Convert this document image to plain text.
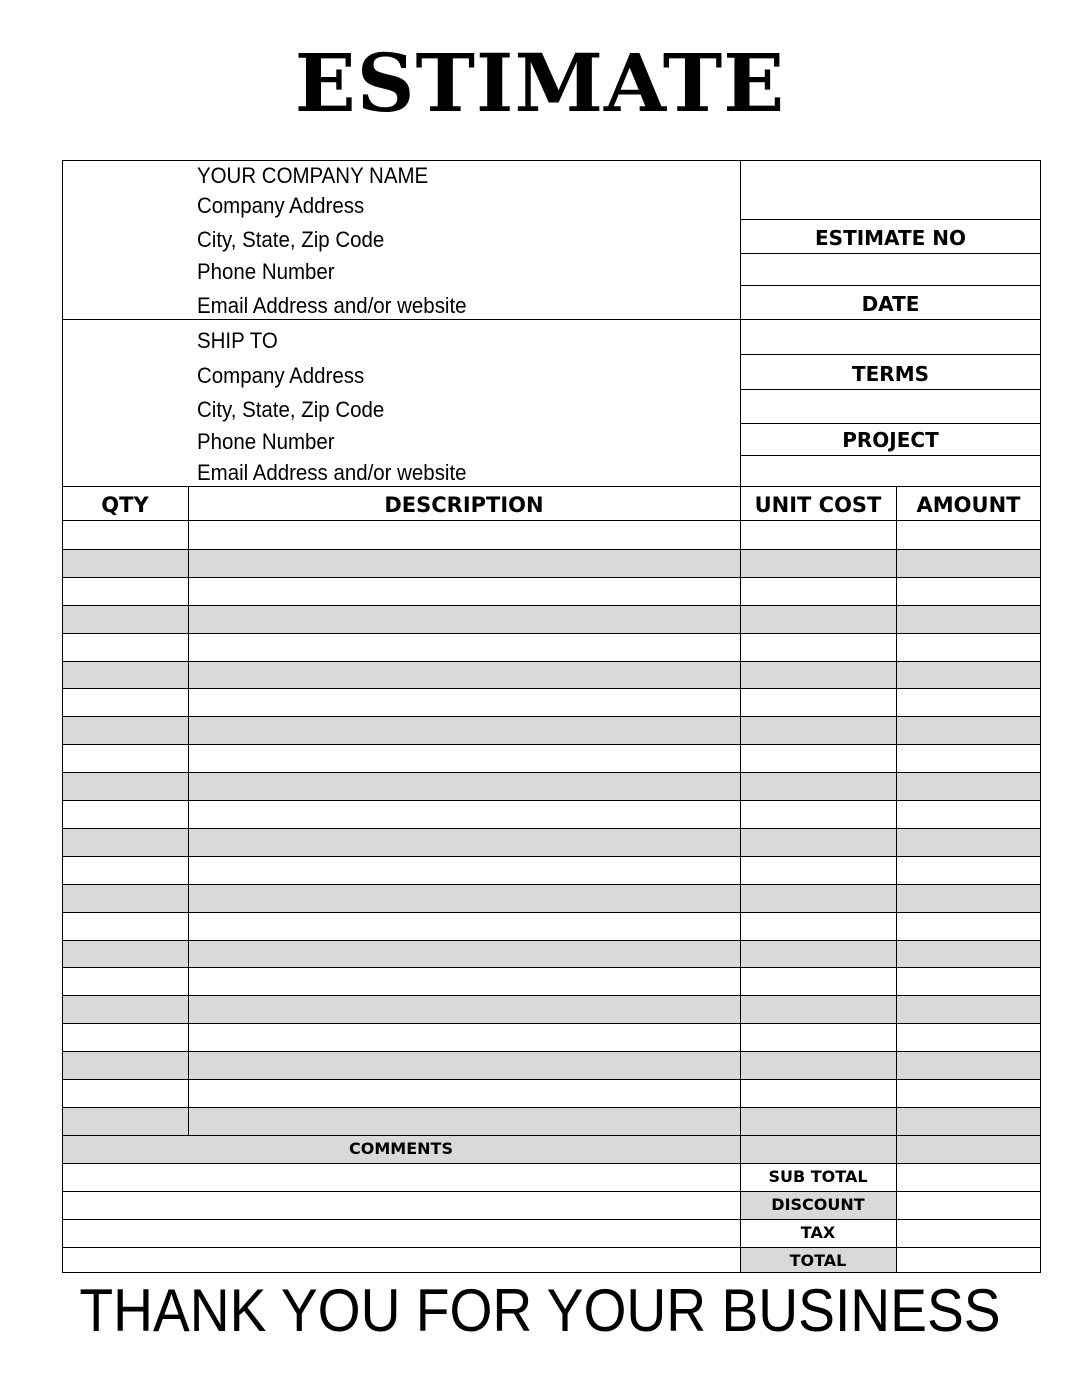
ESTIMATE
YOUR COMPANY NAME
Company Address
City, State, Zip Code
Phone Number
Email Address and/or website
SHIP TO
Company Address
City, State, Zip Code
Phone Number
Email Address and/or website
ESTIMATE NO
DATE
TERMS
PROJECT
QTY	DESCRIPTION	UNIT COST	AMOUNT
COMMENTS
SUB TOTAL
DISCOUNT
TAX
TOTAL
THANK YOU FOR YOUR BUSINESS
